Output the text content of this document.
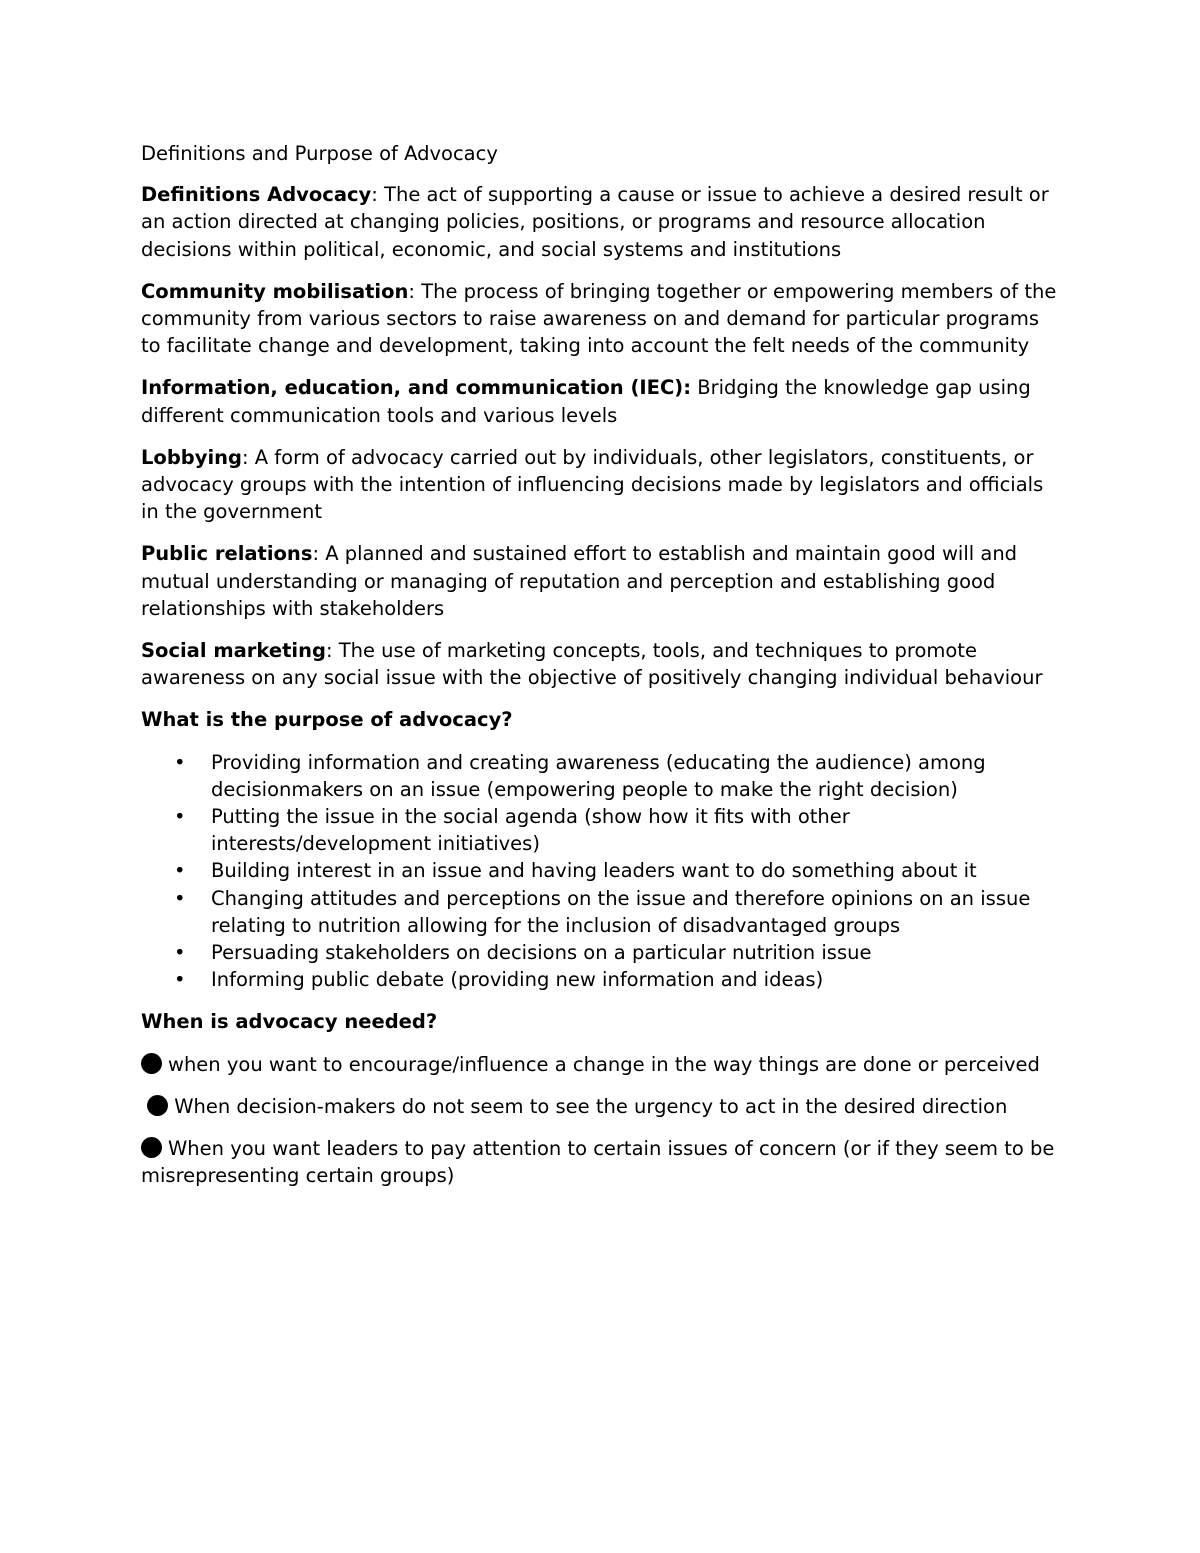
Definitions and Purpose of Advocacy
Definitions Advocacy: The act of supporting a cause or issue to achieve a desired result or an action directed at changing policies, positions, or programs and resource allocation decisions within political, economic, and social systems and institutions
Community mobilisation: The process of bringing together or empowering members of the community from various sectors to raise awareness on and demand for particular programs to facilitate change and development, taking into account the felt needs of the community
Information, education, and communication (IEC): Bridging the knowledge gap using different communication tools and various levels
Lobbying: A form of advocacy carried out by individuals, other legislators, constituents, or advocacy groups with the intention of influencing decisions made by legislators and officials in the government
Public relations: A planned and sustained effort to establish and maintain good will and mutual understanding or managing of reputation and perception and establishing good relationships with stakeholders
Social marketing: The use of marketing concepts, tools, and techniques to promote awareness on any social issue with the objective of positively changing individual behaviour
What is the purpose of advocacy?
• Providing information and creating awareness (educating the audience) among decisionmakers on an issue (empowering people to make the right decision)
• Putting the issue in the social agenda (show how it fits with other interests/development initiatives)
• Building interest in an issue and having leaders want to do something about it
• Changing attitudes and perceptions on the issue and therefore opinions on an issue relating to nutrition allowing for the inclusion of disadvantaged groups
• Persuading stakeholders on decisions on a particular nutrition issue
• Informing public debate (providing new information and ideas)
When is advocacy needed?
when you want to encourage/influence a change in the way things are done or perceived
When decision-makers do not seem to see the urgency to act in the desired direction
When you want leaders to pay attention to certain issues of concern (or if they seem to be misrepresenting certain groups)
